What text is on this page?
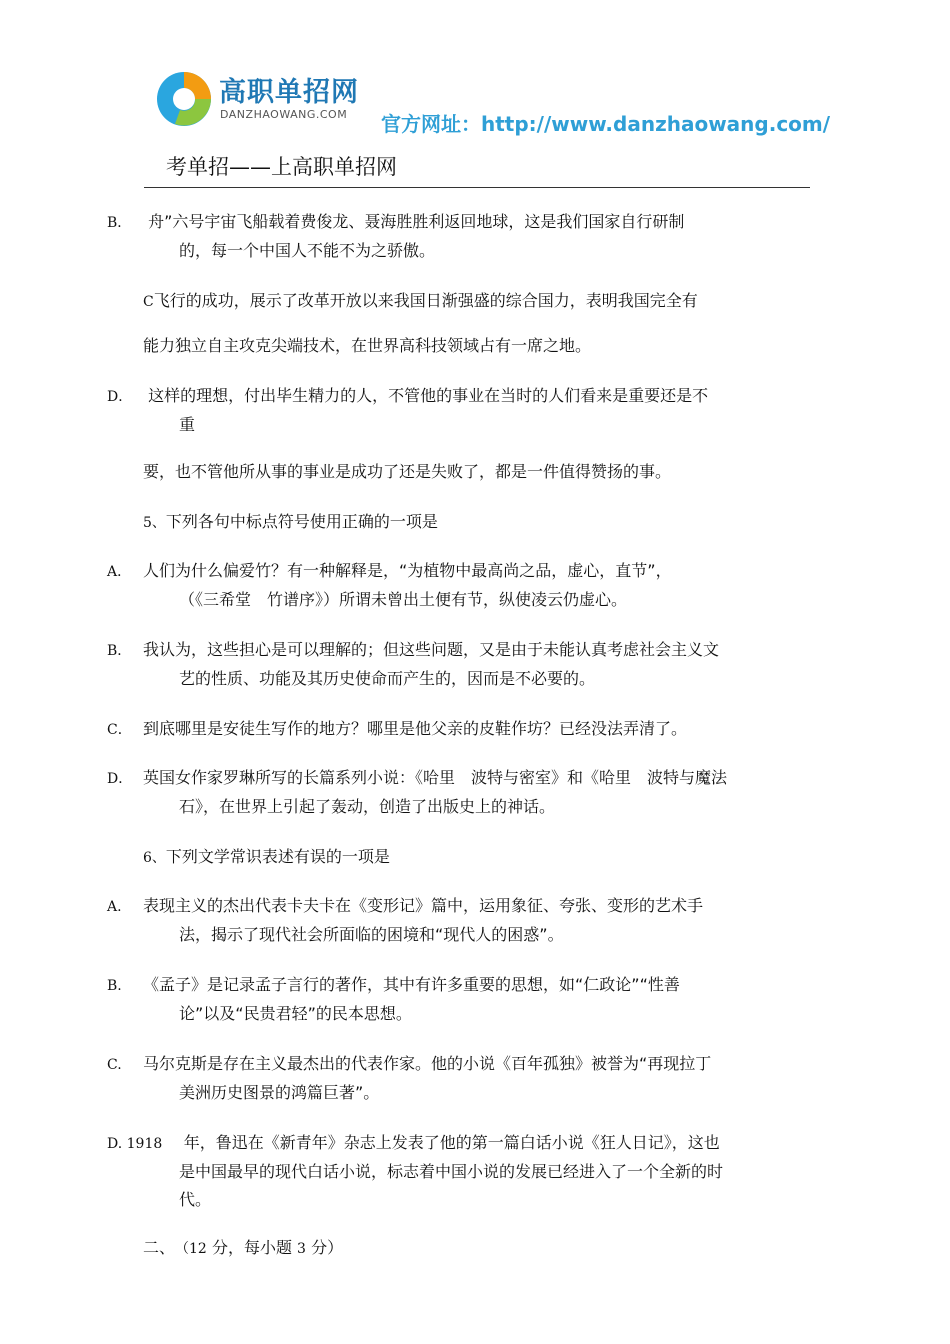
高职单招网
DANZHAOWANG.COM 官方网址：http://www.danzhaowang.com/
考单招——上高职单招网

B． 舟”六号宇宙飞船载着费俊龙、聂海胜胜利返回地球，这是我们国家自行研制
的，每一个中国人不能不为之骄傲。

C飞行的成功，展示了改革开放以来我国日渐强盛的综合国力，表明我国完全有

能力独立自主攻克尖端技术，在世界高科技领域占有一席之地。

D． 这样的理想，付出毕生精力的人，不管他的事业在当时的人们看来是重要还是不
重

要，也不管他所从事的事业是成功了还是失败了，都是一件值得赞扬的事。

5、下列各句中标点符号使用正确的一项是

A． 人们为什么偏爱竹？有一种解释是，“为植物中最高尚之品，虚心，直节”，
（《三希堂　竹谱序》）所谓未曾出土便有节，纵使凌云仍虚心。

B． 我认为，这些担心是可以理解的；但这些问题，又是由于未能认真考虑社会主义文
艺的性质、功能及其历史使命而产生的，因而是不必要的。

C． 到底哪里是安徒生写作的地方？哪里是他父亲的皮鞋作坊？已经没法弄清了。

D． 英国女作家罗琳所写的长篇系列小说：《哈里　波特与密室》和《哈里　波特与魔法
石》，在世界上引起了轰动，创造了出版史上的神话。

6、下列文学常识表述有误的一项是

A. 表现主义的杰出代表卡夫卡在《变形记》篇中，运用象征、夸张、变形的艺术手
法，揭示了现代社会所面临的困境和“现代人的困惑”。

B. 《孟子》是记录孟子言行的著作，其中有许多重要的思想，如“仁政论”“性善
论”以及“民贵君轻”的民本思想。

C. 马尔克斯是存在主义最杰出的代表作家。他的小说《百年孤独》被誉为“再现拉丁
美洲历史图景的鸿篇巨著”。

D. 1918 年，鲁迅在《新青年》杂志上发表了他的第一篇白话小说《狂人日记》，这也
是中国最早的现代白话小说，标志着中国小说的发展已经进入了一个全新的时
代。

二、（12 分，每小题 3 分）
